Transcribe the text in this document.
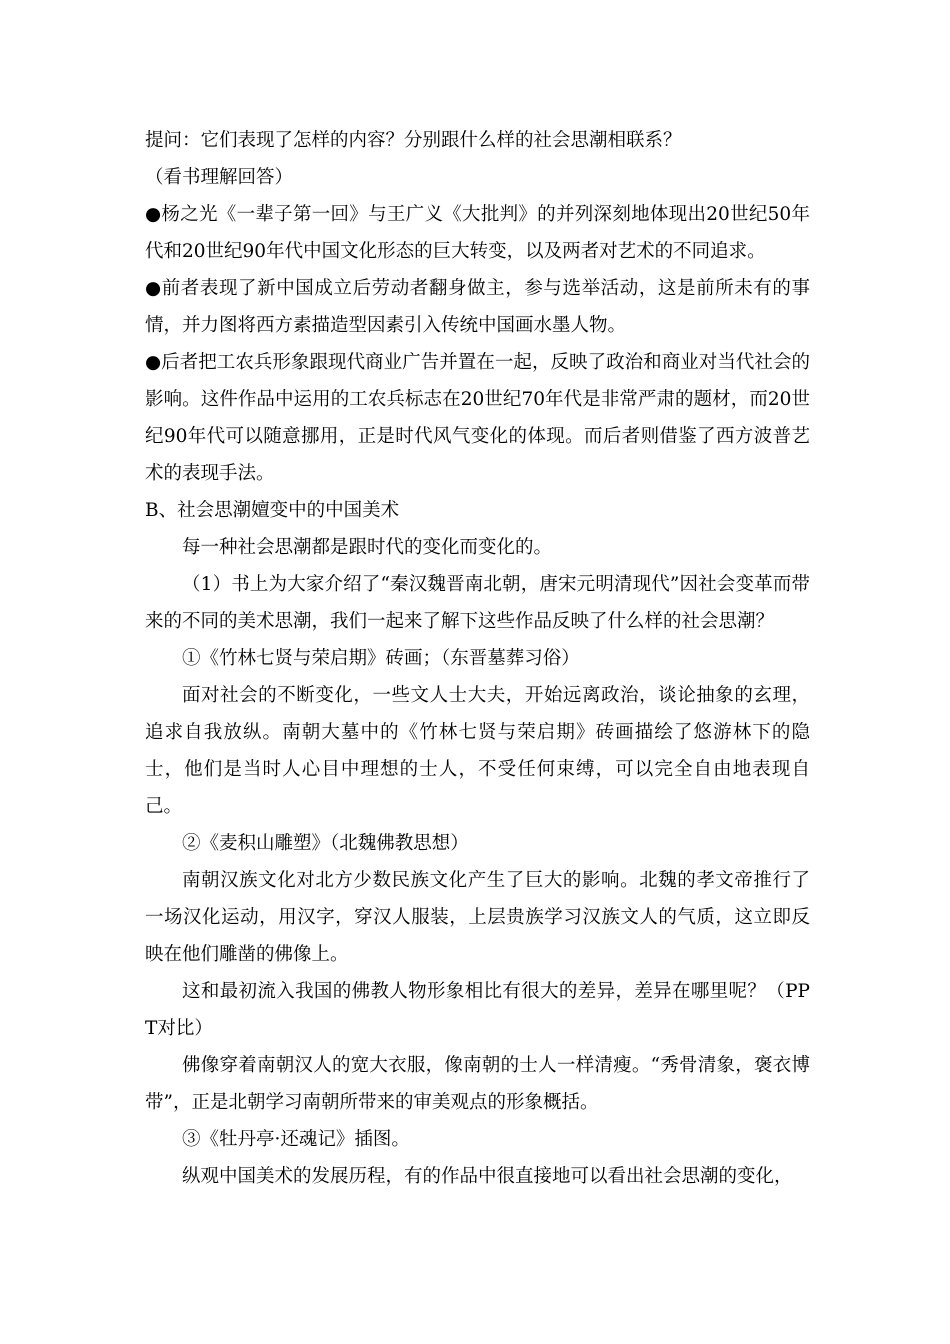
提问：它们表现了怎样的内容？分别跟什么样的社会思潮相联系？

（看书理解回答）

●杨之光《一辈子第一回》与王广义《大批判》的并列深刻地体现出20世纪50年代和20世纪90年代中国文化形态的巨大转变，以及两者对艺术的不同追求。

●前者表现了新中国成立后劳动者翻身做主，参与选举活动，这是前所未有的事情，并力图将西方素描造型因素引入传统中国画水墨人物。

●后者把工农兵形象跟现代商业广告并置在一起，反映了政治和商业对当代社会的影响。这件作品中运用的工农兵标志在20世纪70年代是非常严肃的题材，而20世纪90年代可以随意挪用，正是时代风气变化的体现。而后者则借鉴了西方波普艺术的表现手法。

B、社会思潮嬗变中的中国美术

每一种社会思潮都是跟时代的变化而变化的。

（1）书上为大家介绍了“秦汉魏晋南北朝，唐宋元明清现代”因社会变革而带来的不同的美术思潮，我们一起来了解下这些作品反映了什么样的社会思潮？

①《竹林七贤与荣启期》砖画；（东晋墓葬习俗）

面对社会的不断变化，一些文人士大夫，开始远离政治，谈论抽象的玄理，追求自我放纵。南朝大墓中的《竹林七贤与荣启期》砖画描绘了悠游林下的隐士，他们是当时人心目中理想的士人，不受任何束缚，可以完全自由地表现自己。

②《麦积山雕塑》（北魏佛教思想）

南朝汉族文化对北方少数民族文化产生了巨大的影响。北魏的孝文帝推行了一场汉化运动，用汉字，穿汉人服装，上层贵族学习汉族文人的气质，这立即反映在他们雕凿的佛像上。

这和最初流入我国的佛教人物形象相比有很大的差异，差异在哪里呢？（PPT对比）

佛像穿着南朝汉人的宽大衣服，像南朝的士人一样清瘦。“秀骨清象，褒衣博带”，正是北朝学习南朝所带来的审美观点的形象概括。

③《牡丹亭·还魂记》插图。

纵观中国美术的发展历程，有的作品中很直接地可以看出社会思潮的变化，
